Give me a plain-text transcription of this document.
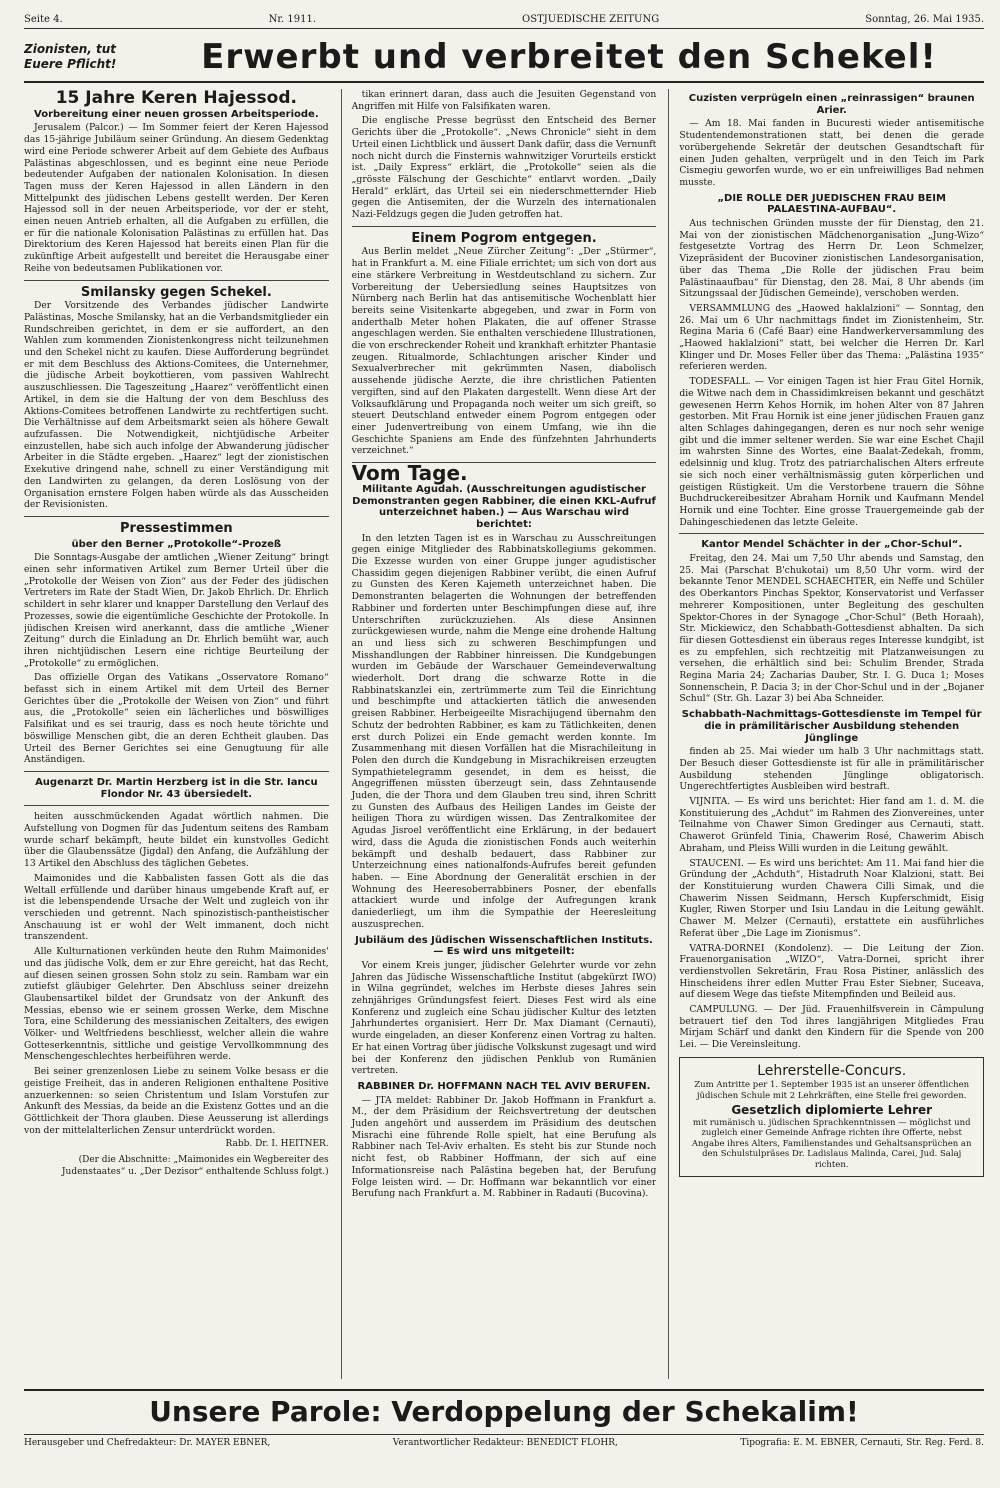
Seite 4.	Nr. 1911.	OSTJUEDISCHE ZEITUNG	Sonntag, 26. Mai 1935.
Zionisten, tut Euere Pflicht!	Erwerbt und verbreitet den Schekel!
15 Jahre Keren Hajessod.
Vorbereitung einer neuen grossen Arbeitsperiode.

Jerusalem (Palcor.) — Im Sommer feiert der Keren Hajessod das 15-jährige Jubiläum seiner Gründung. An diesem Gedenktag wird eine Periode schwerer Arbeit auf dem Gebiete des Aufbaus Palästinas abgeschlossen, und es beginnt eine neue Periode bedeutender Aufgaben der nationalen Kolonisation. In diesen Tagen muss der Keren Hajessod in allen Ländern in den Mittelpunkt des jüdischen Lebens gestellt werden. Der Keren Hajessod soll in der neuen Arbeitsperiode, vor der er steht, einen neuen Antrieb erhalten, all die Aufgaben zu erfüllen, die er für die nationale Kolonisation Palästinas zu erfüllen hat. Das Direktorium des Keren Hajessod hat bereits einen Plan für die zukünftige Arbeit aufgestellt und bereitet die Herausgabe einer Reihe von bedeutsamen Publikationen vor.

Smilansky gegen Schekel.

Der Vorsitzende des Verbandes jüdischer Landwirte Palästinas, Mosche Smilansky, hat an die Verbandsmitglieder ein Rundschreiben gerichtet, in dem er sie auffordert, an den Wahlen zum kommenden Zionistenkongress nicht teilzunehmen und den Schekel nicht zu kaufen. Diese Aufforderung begründet er mit dem Beschluss des Aktions-Comitees, die Unternehmer, die jüdische Arbeit boykottieren, vom passiven Wahlrecht auszuschliessen. Die Tageszeitung „Haarez“ veröffentlicht einen Artikel, in dem sie die Haltung der von dem Beschluss des Aktions-Comitees betroffenen Landwirte zu rechtfertigen sucht. Die Verhältnisse auf dem Arbeitsmarkt seien als höhere Gewalt aufzufassen. Die Notwendigkeit, nichtjüdische Arbeiter einzustellen, habe sich auch infolge der Abwanderung jüdischer Arbeiter in die Städte ergeben. „Haarez“ legt der zionistischen Exekutive dringend nahe, schnell zu einer Verständigung mit den Landwirten zu gelangen, da deren Loslösung von der Organisation ernstere Folgen haben würde als das Ausscheiden der Revisionisten.

Pressestimmen
über den Berner „Protokolle“-Prozeß

Die Sonntags-Ausgabe der amtlichen „Wiener Zeitung“ bringt einen sehr informativen Artikel zum Berner Urteil über die „Protokolle der Weisen von Zion“ aus der Feder des jüdischen Vertreters im Rate der Stadt Wien, Dr. Jakob Ehrlich. Dr. Ehrlich schildert in sehr klarer und knapper Darstellung den Verlauf des Prozesses, sowie die eigentümliche Geschichte der Protokolle. In jüdischen Kreisen wird anerkannt, dass die amtliche „Wiener Zeitung“ durch die Einladung an Dr. Ehrlich bemüht war, auch ihren nichtjüdischen Lesern eine richtige Beurteilung der „Protokolle“ zu ermöglichen.

Das offizielle Organ des Vatikans „Osservatore Romano“ befasst sich in einem Artikel mit dem Urteil des Berner Gerichtes über die „Protokolle der Weisen von Zion“ und führt aus, die „Protokolle“ seien ein lächerliches und böswilliges Falsifikat und es sei traurig, dass es noch heute törichte und böswillige Menschen gibt, die an deren Echtheit glauben. Das Urteil des Berner Gerichtes sei eine Genugtuung für alle Anständigen.

Augenarzt Dr. Martin Herzberg ist in die Str. Iancu Flondor Nr. 43 übersiedelt.

heiten ausschmückenden Agadat wörtlich nahmen. Die Aufstellung von Dogmen für das Judentum seitens des Rambam wurde scharf bekämpft, heute bildet ein kunstvolles Gedicht über die Glaubenssätze (Jigdal) den Anfang, die Aufzählung der 13 Artikel den Abschluss des täglichen Gebetes.

Maimonides und die Kabbalisten fassen Gott als die das Weltall erfüllende und darüber hinaus umgebende Kraft auf, er ist die lebenspendende Ursache der Welt und zugleich von ihr verschieden und getrennt. Nach spinozistisch-pantheistischer Anschauung ist er wohl der Welt immanent, doch nicht transzendent.

Alle Kulturnationen verkünden heute den Ruhm Maimonides' und das jüdische Volk, dem er zur Ehre gereicht, hat das Recht, auf diesen seinen grossen Sohn stolz zu sein. Rambam war ein zutiefst gläubiger Gelehrter. Den Abschluss seiner dreizehn Glaubensartikel bildet der Grundsatz von der Ankunft des Messias, ebenso wie er seinem grossen Werke, dem Mischne Tora, eine Schilderung des messianischen Zeitalters, des ewigen Völker- und Weltfriedens beschliesst, welcher allein die wahre Gotteserkenntnis, sittliche und geistige Vervollkommnung des Menschengeschlechtes herbeiführen werde.

Bei seiner grenzenlosen Liebe zu seinem Volke besass er die geistige Freiheit, das in anderen Religionen enthaltene Positive anzuerkennen: so seien Christentum und Islam Vorstufen zur Ankunft des Messias, da beide an die Existenz Gottes und an die Göttlichkeit der Thora glauben. Diese Aeusserung ist allerdings von der mittelalterlichen Zensur unterdrückt worden.

Rabb. Dr. I. HEITNER.
(Der die Abschnitte: „Maimonides ein Wegbereiter des Judenstaates“ u. „Der Dezisor“ enthaltende Schluss folgt.)

tikan erinnert daran, dass auch die Jesuiten Gegenstand von Angriffen mit Hilfe von Falsifikaten waren.

Die englische Presse begrüsst den Entscheid des Berner Gerichts über die „Protokolle“. „News Chronicle“ sieht in dem Urteil einen Lichtblick und äussert Dank dafür, dass die Vernunft noch nicht durch die Finsternis wahnwitziger Vorurteils erstickt ist. „Daily Express“ erklärt, die „Protokolle“ seien als die „grösste Fälschung der Geschichte“ entlarvt worden. „Daily Herald“ erklärt, das Urteil sei ein niederschmetternder Hieb gegen die Antisemiten, der die Wurzeln des internationalen Nazi-Feldzugs gegen die Juden getroffen hat.

Einem Pogrom entgegen.

Aus Berlin meldet „Neue Zürcher Zeitung“: „Der „Stürmer“, hat in Frankfurt a. M. eine Filiale errichtet; um sich von dort aus eine stärkere Verbreitung in Westdeutschland zu sichern. Zur Vorbereitung der Uebersiedlung seines Hauptsitzes von Nürnberg nach Berlin hat das antisemitische Wochenblatt hier bereits seine Visitenkarte abgegeben, und zwar in Form von anderthalb Meter hohen Plakaten, die auf offener Strasse angeschlagen werden. Sie enthalten verschiedene Illustrationen, die von erschreckender Roheit und krankhaft erhitzter Phantasie zeugen. Ritualmorde, Schlachtungen arischer Kinder und Sexualverbrecher mit gekrümmten Nasen, diabolisch aussehende jüdische Aerzte, die ihre christlichen Patienten vergiften, sind auf den Plakaten dargestellt. Wenn diese Art der Volksaufklärung und Propaganda noch weiter um sich greift, so steuert Deutschland entweder einem Pogrom entgegen oder einer Judenvertreibung von einem Umfang, wie ihn die Geschichte Spaniens am Ende des fünfzehnten Jahrhunderts verzeichnet.“

Vom Tage.
Militante Agudah. (Ausschreitungen agudistischer Demonstranten gegen Rabbiner, die einen KKL-Aufruf unterzeichnet haben.) — Aus Warschau wird berichtet:

In den letzten Tagen ist es in Warschau zu Ausschreitungen gegen einige Mitglieder des Rabbinatskollegiums gekommen. Die Exzesse wurden von einer Gruppe junger agudistischer Chassidim gegen diejenigen Rabbiner verübt, die einen Aufruf zu Gunsten des Keren Kajemeth unterzeichnet haben. Die Demonstranten belagerten die Wohnungen der betreffenden Rabbiner und forderten unter Beschimpfungen diese auf, ihre Unterschriften zurückzuziehen. Als diese Ansinnen zurückgewiesen wurde, nahm die Menge eine drohende Haltung an und liess sich zu schweren Beschimpfungen und Misshandlungen der Rabbiner hinreissen. Die Kundgebungen wurden im Gebäude der Warschauer Gemeindeverwaltung wiederholt. Dort drang die schwarze Rotte in die Rabbinatskanzlei ein, zertrümmerte zum Teil die Einrichtung und beschimpfte und attackierten tätlich die anwesenden greisen Rabbiner. Herbeigeeilte Misrachijugend übernahm den Schutz der bedrohten Rabbiner, es kam zu Tätlichkeiten, denen erst durch Polizei ein Ende gemacht werden konnte. Im Zusammenhang mit diesen Vorfällen hat die Misrachileitung in Polen den durch die Kundgebung in Misrachikreisen erzeugten Sympathietelegramm gesendet, in dem es heisst, die Angegriffenen müssten überzeugt sein, dass Zehntausende Juden, die der Thora und dem Glauben treu sind, ihren Schritt zu Gunsten des Aufbaus des Heiligen Landes im Geiste der heiligen Thora zu würdigen wissen. Das Zentralkomitee der Agudas Jisroel veröffentlicht eine Erklärung, in der bedauert wird, dass die Aguda die zionistischen Fonds auch weiterhin bekämpft und deshalb bedauert, dass Rabbiner zur Unterzeichnung eines nationalfonds-Aufrufes bereit gefunden haben. — Eine Abordnung der Generalität erschien in der Wohnung des Heeresoberrabbiners Posner, der ebenfalls attackiert wurde und infolge der Aufregungen krank daniederliegt, um ihm die Sympathie der Heeresleitung auszusprechen.

Jubiläum des Jüdischen Wissenschaftlichen Instituts. — Es wird uns mitgeteilt:

Vor einem Kreis junger, jüdischer Gelehrter wurde vor zehn Jahren das Jüdische Wissenschaftliche Institut (abgekürzt IWO) in Wilna gegründet, welches im Herbste dieses Jahres sein zehnjähriges Gründungsfest feiert. Dieses Fest wird als eine Konferenz und zugleich eine Schau jüdischer Kultur des letzten Jahrhundertes organisiert. Herr Dr. Max Diamant (Cernauti), wurde eingeladen, an dieser Konferenz einen Vortrag zu halten. Er hat einen Vortrag über jüdische Volkskunst zugesagt und wird bei der Konferenz den jüdischen Penklub von Rumänien vertreten.

RABBINER Dr. HOFFMANN NACH TEL AVIV BERUFEN.

— JTA meldet: Rabbiner Dr. Jakob Hoffmann in Frankfurt a. M., der dem Präsidium der Reichsvertretung der deutschen Juden angehört und ausserdem im Präsidium des deutschen Misrachi eine führende Rolle spielt, hat eine Berufung als Rabbiner nach Tel-Aviv erhalten. Es steht bis zur Stunde noch nicht fest, ob Rabbiner Hoffmann, der sich auf eine Informationsreise nach Palästina begeben hat, der Berufung Folge leisten wird. — Dr. Hoffmann war bekanntlich vor einer Berufung nach Frankfurt a. M. Rabbiner in Radauti (Bucovina).

Cuzisten verprügeln einen „reinrassigen“ braunen Arier.

— Am 18. Mai fanden in Bucuresti wieder antisemitische Studentendemonstrationen statt, bei denen die gerade vorübergehende Sekretär der deutschen Gesandtschaft für einen Juden gehalten, verprügelt und in den Teich im Park Cismegiu geworfen wurde, wo er ein unfreiwilliges Bad nehmen musste.

„DIE ROLLE DER JUEDISCHEN FRAU BEIM PALAESTINA-AUFBAU“.

Aus technischen Gründen musste der für Dienstag, den 21. Mai von der zionistischen Mädchenorganisation „Jung-Wizo“ festgesetzte Vortrag des Herrn Dr. Leon Schmelzer, Vizepräsident der Bucoviner zionistischen Landesorganisation, über das Thema „Die Rolle der jüdischen Frau beim Palästinaaufbau“ für Dienstag, den 28. Mai, 8 Uhr abends (im Sitzungssaal der Jüdischen Gemeinde), verschoben werden.

VERSAMMLUNG des „Haowed haklalzioni“ — Sonntag, den 26. Mai um 6 Uhr nachmittags findet im Zionistenheim, Str. Regina Maria 6 (Café Baar) eine Handwerkerversammlung des „Haowed haklalzioni“ statt, bei welcher die Herren Dr. Karl Klinger und Dr. Moses Feller über das Thema: „Palästina 1935“ referieren werden.

TODESFALL. — Vor einigen Tagen ist hier Frau Gitel Hornik, die Witwe nach dem in Chassidimkreisen bekannt und geschätzt gewesenen Herrn Kehos Hornik, im hohen Alter von 87 Jahren gestorben. Mit Frau Hornik ist eine jener jüdischen Frauen ganz alten Schlages dahingegangen, deren es nur noch sehr wenige gibt und die immer seltener werden. Sie war eine Eschet Chajil im wahrsten Sinne des Wortes, eine Baalat-Zedekah, fromm, edelsinnig und klug. Trotz des patriarchalischen Alters erfreute sie sich noch einer verhältnismässig guten körperlichen und geistigen Rüstigkeit. Um die Verstorbene trauern die Söhne Buchdruckereibesitzer Abraham Hornik und Kaufmann Mendel Hornik und eine Tochter. Eine grosse Trauergemeinde gab der Dahingeschiedenen das letzte Geleite.

Kantor Mendel Schächter in der „Chor-Schul“.

Freitag, den 24. Mai um 7,50 Uhr abends und Samstag, den 25. Mai (Parschat B'chukotai) um 8,50 Uhr vorm. wird der bekannte Tenor MENDEL SCHAECHTER, ein Neffe und Schüler des Oberkantors Pinchas Spektor, Konservatorist und Verfasser mehrerer Kompositionen, unter Begleitung des geschulten Spektor-Chores in der Synagoge „Chor-Schul“ (Beth Horaah), Str. Mickiewicz, den Schabbath-Gottesdienst abhalten. Da sich für diesen Gottesdienst ein überaus reges Interesse kundgibt, ist es zu empfehlen, sich rechtzeitig mit Platzanweisungen zu versehen, die erhältlich sind bei: Schulim Brender, Strada Regina Maria 24; Zacharias Dauber, Str. I. G. Duca 1; Moses Sonnenschein, P. Dacia 3; in der Chor-Schul und in der „Bojaner Schul“ (Str. Gh. Lazar 3) bei Aba Schneider.

Schabbath-Nachmittags-Gottesdienste im Tempel für die in prämilitärischer Ausbildung stehenden Jünglinge

finden ab 25. Mai wieder um halb 3 Uhr nachmittags statt. Der Besuch dieser Gottesdienste ist für alle in prämilitärischer Ausbildung stehenden Jünglinge obligatorisch. Ungerechtfertigtes Ausbleiben wird bestraft.

VIJNITA. — Es wird uns berichtet: Hier fand am 1. d. M. die Konstituierung des „Achdut“ im Rahmen des Zionvereines, unter Teilnahme von Chawer Simon Gredinger aus Cernauti, statt. Chawerot Grünfeld Tinia, Chawerim Rosé, Chawerim Abisch Abraham, und Pleiss Willi wurden in die Leitung gewählt.

STAUCENI. — Es wird uns berichtet: Am 11. Mai fand hier die Gründung der „Achduth“, Histadruth Noar Klalzioni, statt. Bei der Konstituierung wurden Chawera Cilli Simak, und die Chawerim Nissen Seidmann, Hersch Kupferschmidt, Eisig Kugler, Riwen Storper und Isiu Landau in die Leitung gewählt. Chawer M. Melzer (Cernauti), erstattete ein ausführliches Referat über „Die Lage im Zionismus“.

VATRA-DORNEI (Kondolenz). — Die Leitung der Zion. Frauenorganisation „WIZO“, Vatra-Dornei, spricht ihrer verdienstvollen Sekretärin, Frau Rosa Pistiner, anlässlich des Hinscheidens ihrer edlen Mutter Frau Ester Siebner, Suceava, auf diesem Wege das tiefste Mitempfinden und Beileid aus.

CAMPULUNG. — Der Jüd. Frauenhilfsverein in Câmpulung betrauert tief den Tod ihres langjährigen Mitgliedes Frau Mirjam Schärf und dankt den Kindern für die Spende von 200 Lei. — Die Vereinsleitung.

Lehrerstelle-Concurs.
Zum Antritte per 1. September 1935 ist an unserer öffentlichen jüdischen Schule mit 2 Lehrkräften, eine Stelle frei geworden.
Gesetzlich diplomierte Lehrer
mit rumänisch u. jüdischen Sprachkenntnissen — möglichst und zugleich einer Gemeinde Anfrage richten ihre Offerte, nebst Angabe ihres Alters, Familienstandes und Gehaltsansprüchen an den Schulstulpräses Dr. Ladislaus Malinda, Carei, Jud. Salaj richten.
Unsere Parole: Verdoppelung der Schekalim!
Herausgeber und Chefredakteur: Dr. MAYER EBNER,	Verantwortlicher Redakteur: BENEDICT FLOHR,	Tipografia: E. M. EBNER, Cernauti, Str. Reg. Ferd. 8.
